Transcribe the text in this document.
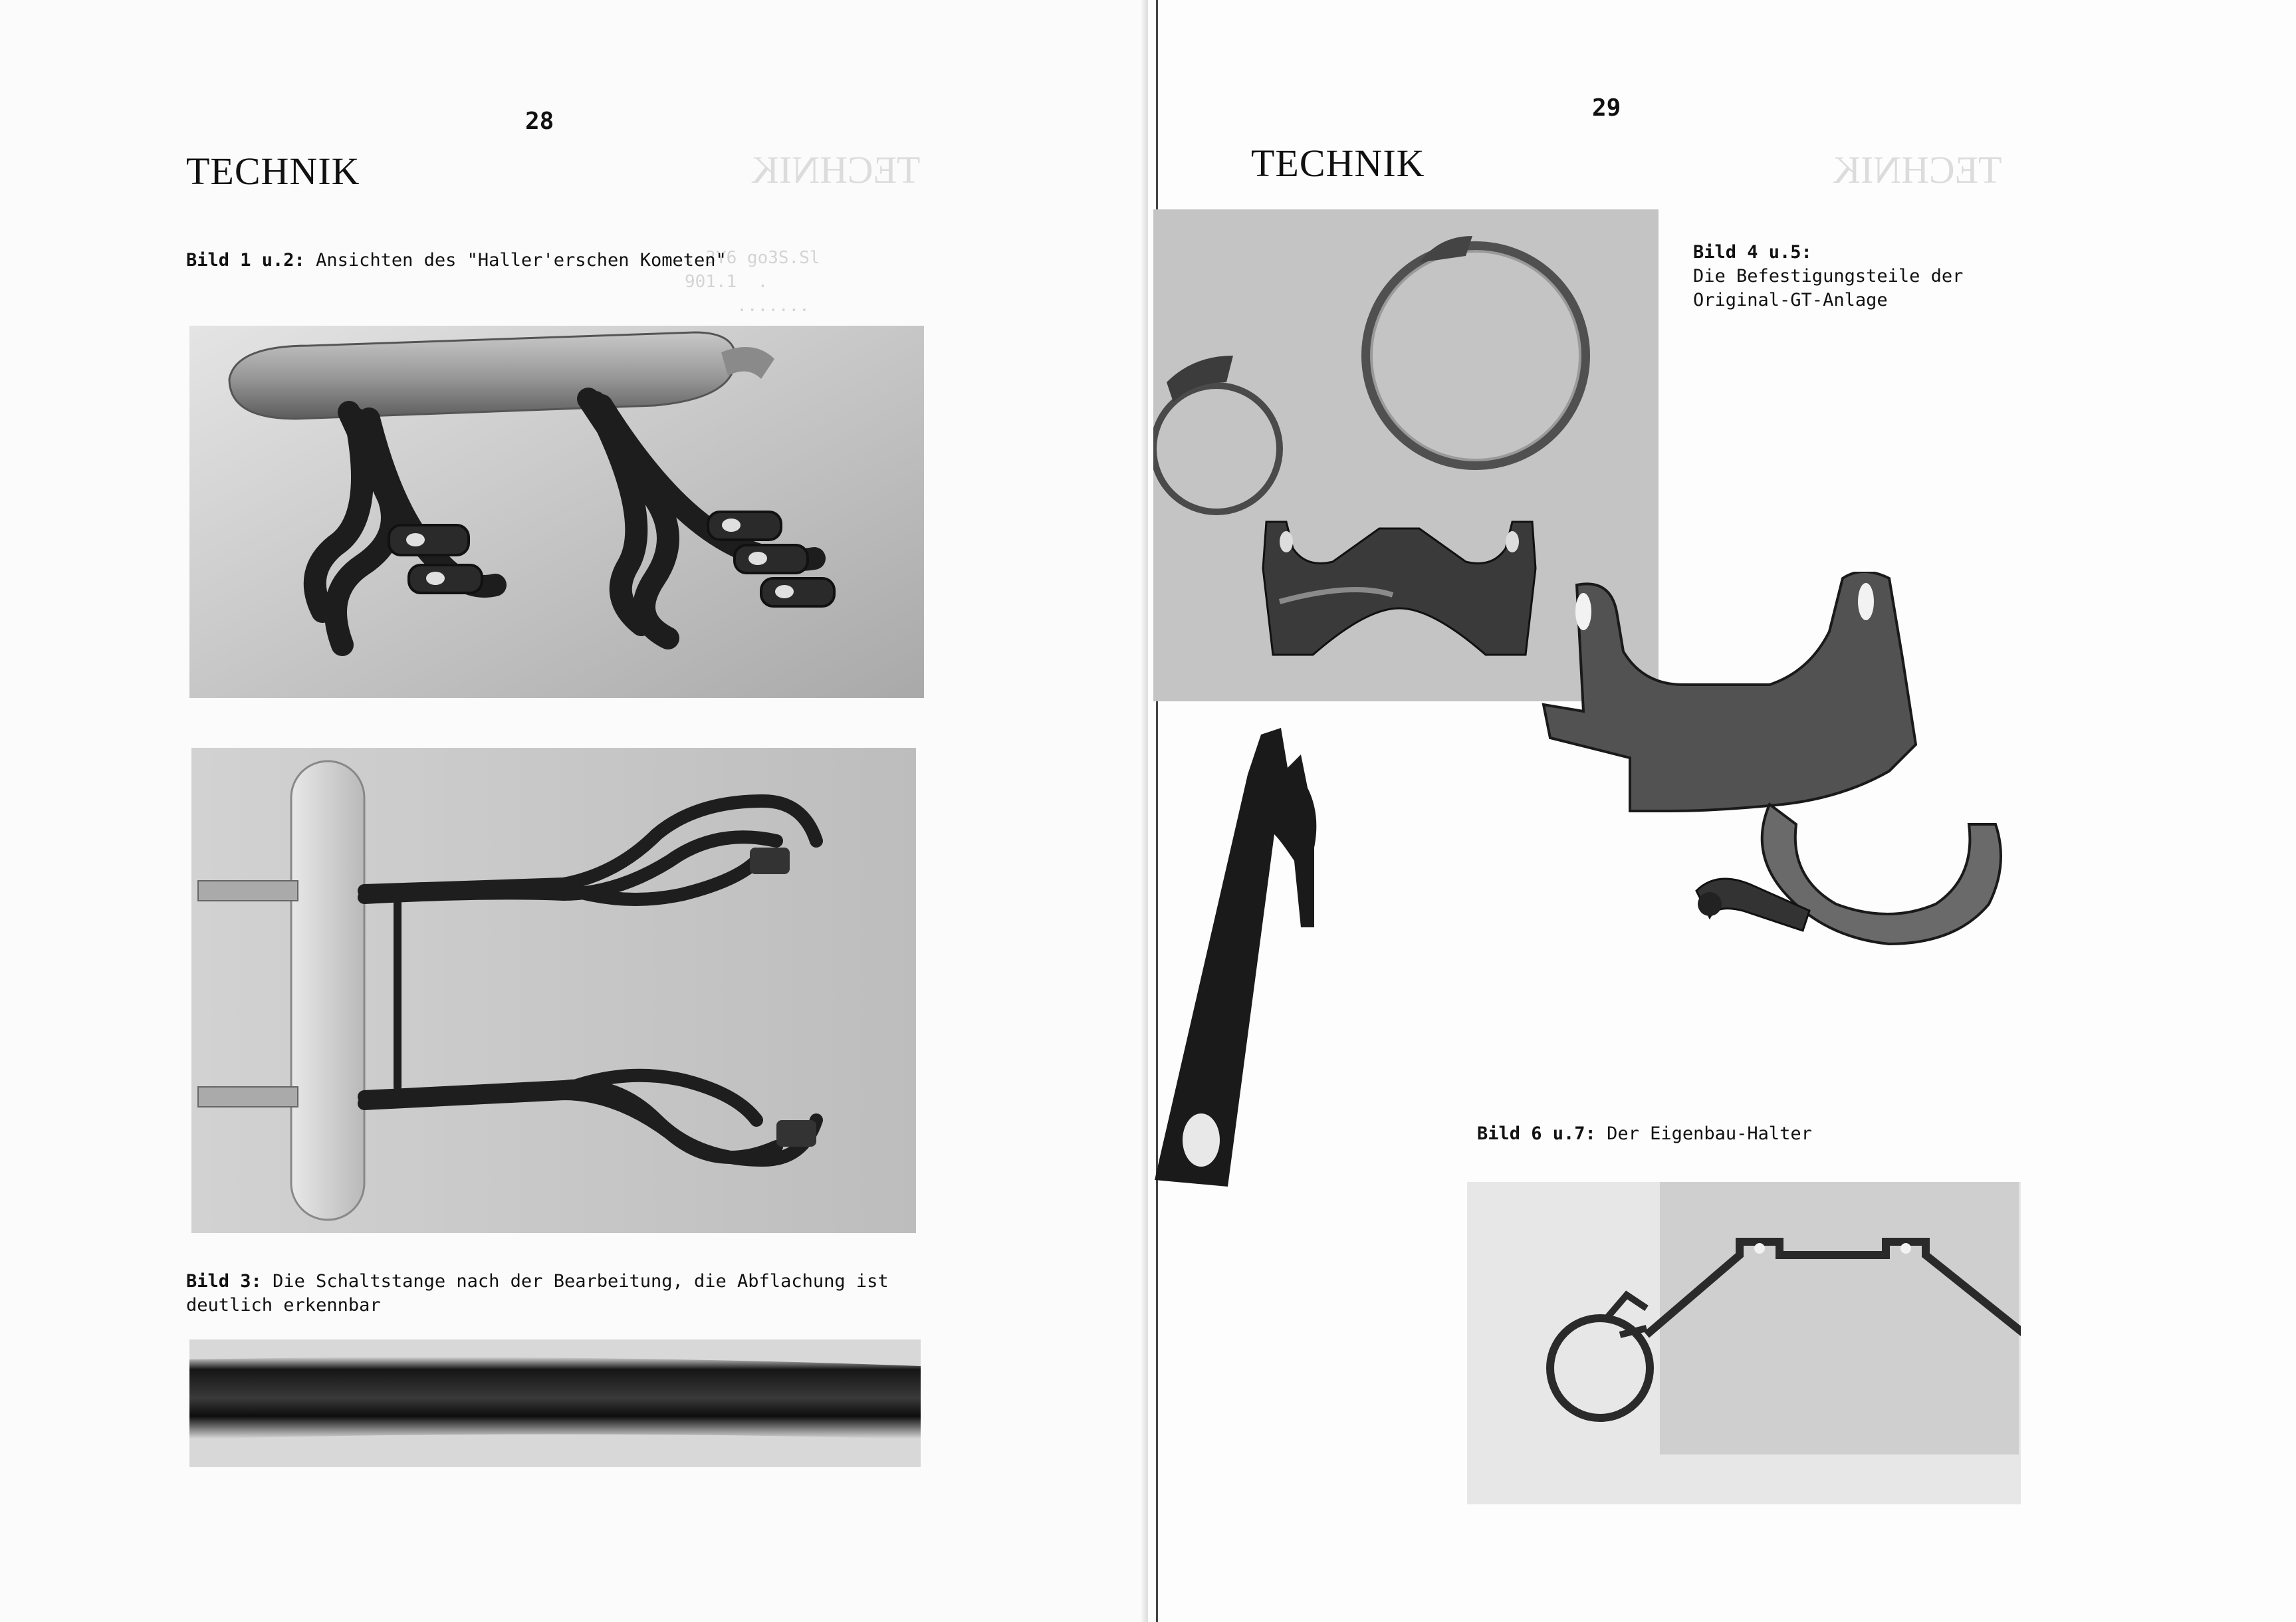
TECHNIK
. 3Y6 go3S.Sl
901.1  .
.......

28
TECHNIK
Bild 1 u.2: Ansichten des "Haller'erschen Kometen"
Bild 3: Die Schaltstange nach der Bearbeitung, die Abflachung ist
deutlich erkennbar
TECHNIK

29
TECHNIK
Bild 4 u.5:
Die Befestigungsteile der
Original-GT-Anlage
Bild 6 u.7: Der Eigenbau-Halter
